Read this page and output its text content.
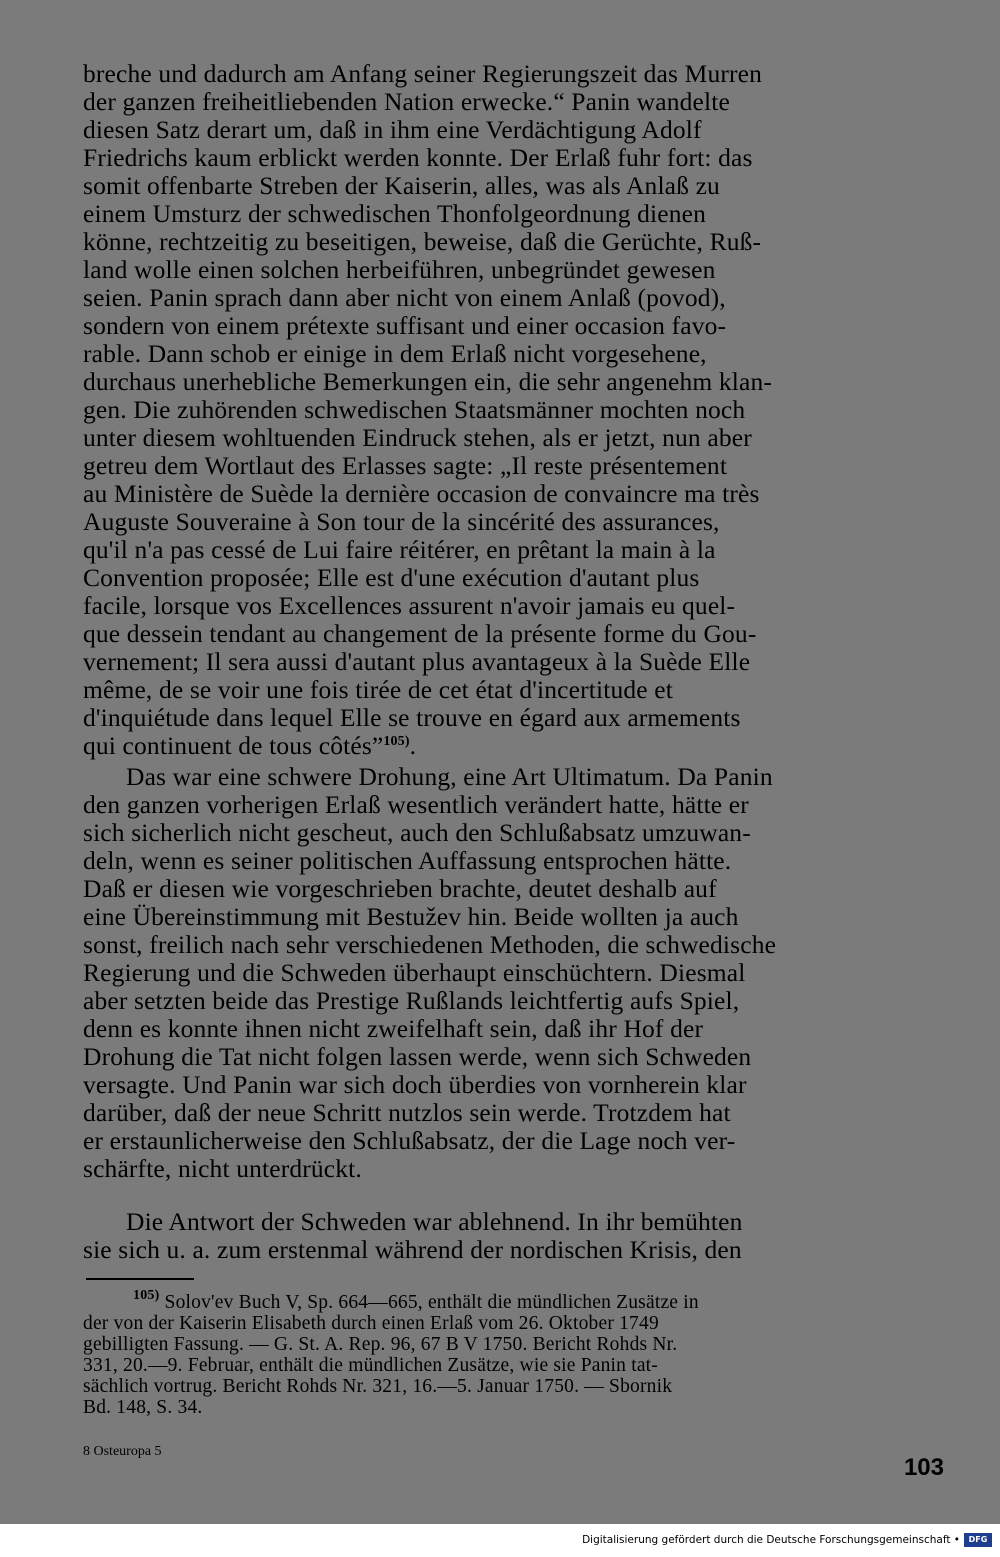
breche und dadurch am Anfang seiner Regierungszeit das Murren

der ganzen freiheitliebenden Nation erwecke.“ Panin wandelte

diesen Satz derart um, daß in ihm eine Verdächtigung Adolf

Friedrichs kaum erblickt werden konnte. Der Erlaß fuhr fort: das

somit offenbarte Streben der Kaiserin, alles, was als Anlaß zu

einem Umsturz der schwedischen Thonfolgeordnung dienen

könne, rechtzeitig zu beseitigen, beweise, daß die Gerüchte, Ruß-

land wolle einen solchen herbeiführen, unbegründet gewesen

seien. Panin sprach dann aber nicht von einem Anlaß (povod),

sondern von einem prétexte suffisant und einer occasion favo-

rable. Dann schob er einige in dem Erlaß nicht vorgesehene,

durchaus unerhebliche Bemerkungen ein, die sehr angenehm klan-

gen. Die zuhörenden schwedischen Staatsmänner mochten noch

unter diesem wohltuenden Eindruck stehen, als er jetzt, nun aber

getreu dem Wortlaut des Erlasses sagte: „Il reste présentement

au Ministère de Suède la dernière occasion de convaincre ma très

Auguste Souveraine à Son tour de la sincérité des assurances,

qu'il n'a pas cessé de Lui faire réitérer, en prêtant la main à la

Convention proposée; Elle est d'une exécution d'autant plus

facile, lorsque vos Excellences assurent n'avoir jamais eu quel-

que dessein tendant au changement de la présente forme du Gou-

vernement; Il sera aussi d'autant plus avantageux à la Suède Elle

même, de se voir une fois tirée de cet état d'incertitude et

d'inquiétude dans lequel Elle se trouve en égard aux armements

qui continuent de tous côtés”$^{105)}$.

Das war eine schwere Drohung, eine Art Ultimatum. Da Panin

den ganzen vorherigen Erlaß wesentlich verändert hatte, hätte er

sich sicherlich nicht gescheut, auch den Schlußabsatz umzuwan-

deln, wenn es seiner politischen Auffassung entsprochen hätte.

Daß er diesen wie vorgeschrieben brachte, deutet deshalb auf

eine Übereinstimmung mit Bestužev hin. Beide wollten ja auch

sonst, freilich nach sehr verschiedenen Methoden, die schwedische

Regierung und die Schweden überhaupt einschüchtern. Diesmal

aber setzten beide das Prestige Rußlands leichtfertig aufs Spiel,

denn es konnte ihnen nicht zweifelhaft sein, daß ihr Hof der

Drohung die Tat nicht folgen lassen werde, wenn sich Schweden

versagte. Und Panin war sich doch überdies von vornherein klar

darüber, daß der neue Schritt nutzlos sein werde. Trotzdem hat

er erstaunlicherweise den Schlußabsatz, der die Lage noch ver-

schärfte, nicht unterdrückt.

Die Antwort der Schweden war ablehnend. In ihr bemühten

sie sich u. a. zum erstenmal während der nordischen Krisis, den

$^{105)}$ Solov'ev Buch V, Sp. 664—665, enthält die mündlichen Zusätze in
der von der Kaiserin Elisabeth durch einen Erlaß vom 26. Oktober 1749
gebilligten Fassung. — G. St. A. Rep. 96, 67 B V 1750. Bericht Rohds Nr.
331, 20.—9. Februar, enthält die mündlichen Zusätze, wie sie Panin tat-
sächlich vortrug. Bericht Rohds Nr. 321, 16.—5. Januar 1750. — Sbornik
Bd. 148, S. 34.
8 Osteuropa 5
103
Digitalisierung gefördert durch die Deutsche Forschungsgemeinschaft •	DFG
